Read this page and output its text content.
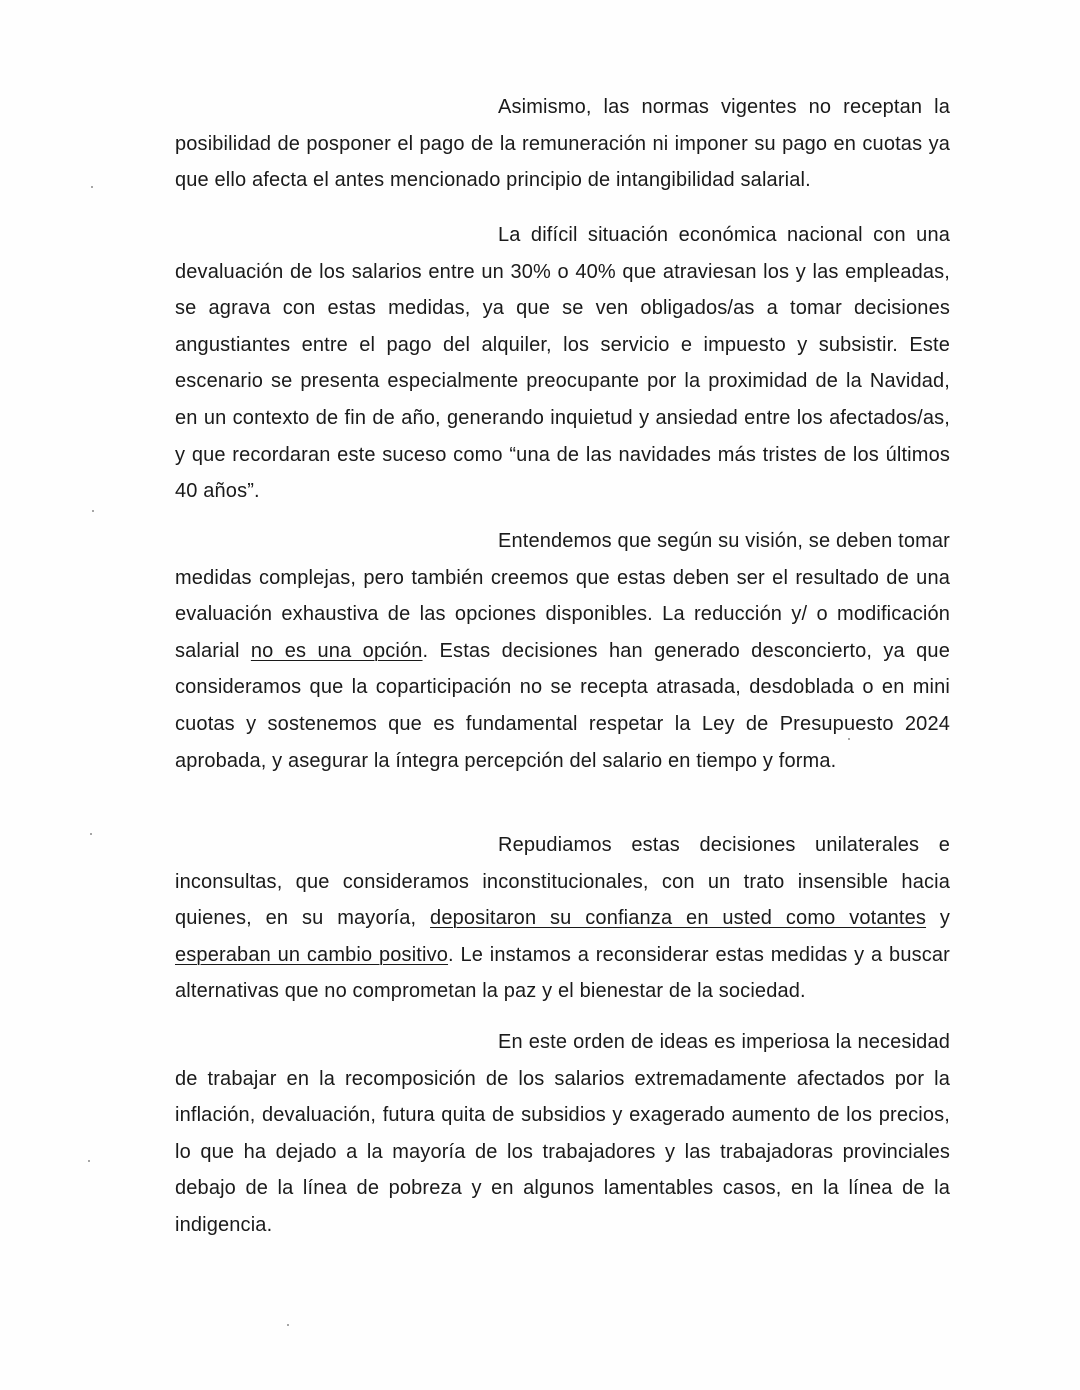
Asimismo, las normas vigentes no receptan la posibilidad de posponer el pago de la remuneración ni imponer su pago en cuotas ya que ello afecta el antes mencionado principio de intangibilidad salarial.

La difícil situación económica nacional con una devaluación de los salarios entre un 30% o 40% que atraviesan los y las empleadas, se agrava con estas medidas, ya que se ven obligados/as a tomar decisiones angustiantes entre el pago del alquiler, los servicio e impuesto y subsistir. Este escenario se presenta especialmente preocupante por la proximidad de la Navidad, en un contexto de fin de año, generando inquietud y ansiedad entre los afectados/as, y que recordaran este suceso como “una de las navidades más tristes de los últimos 40 años”.

Entendemos que según su visión, se deben tomar medidas complejas, pero también creemos que estas deben ser el resultado de una evaluación exhaustiva de las opciones disponibles. La reducción y/ o modificación salarial no es una opción. Estas decisiones han generado desconcierto, ya que consideramos que la coparticipación no se recepta atrasada, desdoblada o en mini cuotas y sostenemos que es fundamental respetar la Ley de Presupuesto 2024 aprobada, y asegurar la íntegra percepción del salario en tiempo y forma.

Repudiamos estas decisiones unilaterales e inconsultas, que consideramos inconstitucionales, con un trato insensible hacia quienes, en su mayoría, depositaron su confianza en usted como votantes y esperaban un cambio positivo. Le instamos a reconsiderar estas medidas y a buscar alternativas que no comprometan la paz y el bienestar de la sociedad.

En este orden de ideas es imperiosa la necesidad de trabajar en la recomposición de los salarios extremadamente afectados por la inflación, devaluación, futura quita de subsidios y exagerado aumento de los precios, lo que ha dejado a la mayoría de los trabajadores y las trabajadoras provinciales debajo de la línea de pobreza y en algunos lamentables casos, en la línea de la indigencia.
